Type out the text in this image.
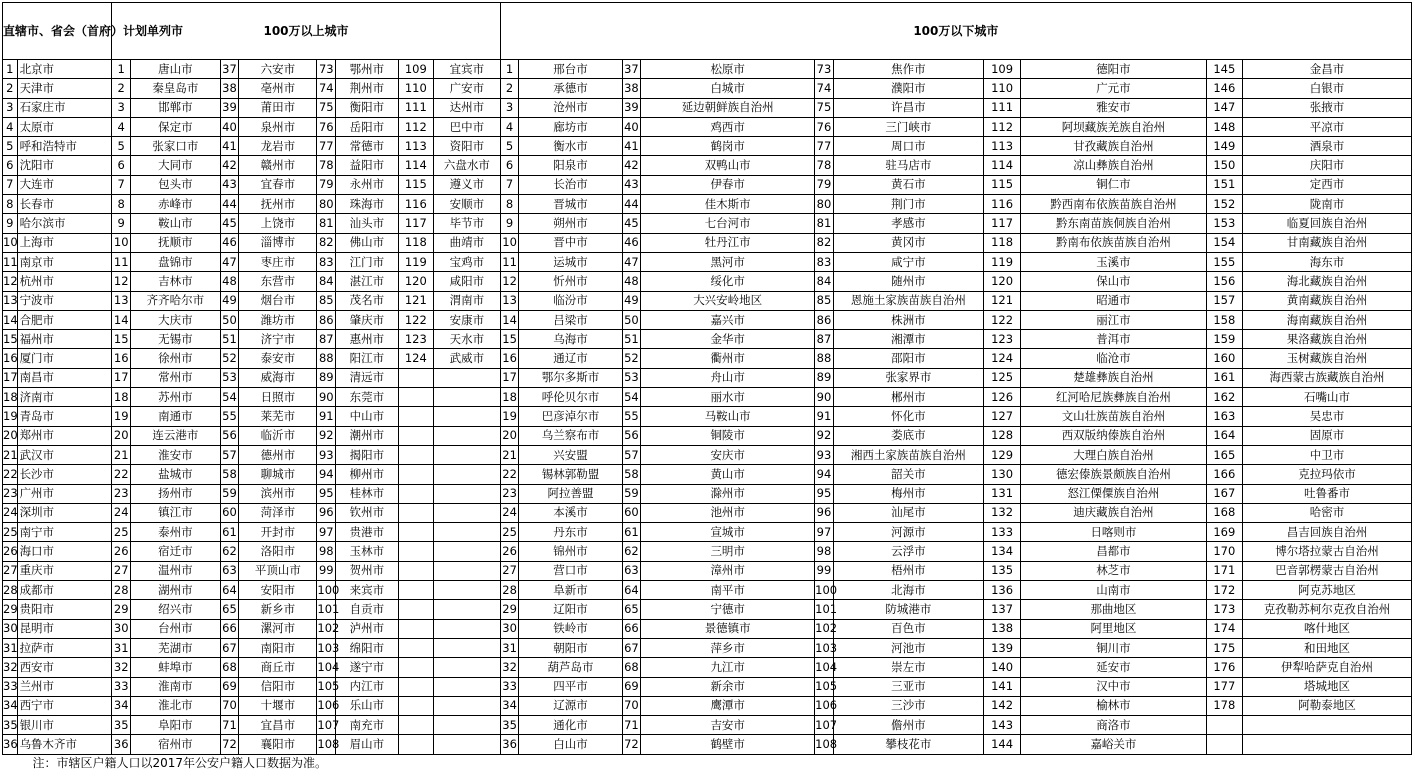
直辖市、省会（首府）计划单列市		100万以上城市								100万以下城市									
1	北京市	1	唐山市	37	六安市	73	鄂州市	109	宜宾市	1	邢台市	37	松原市	73	焦作市	109	德阳市	145	金昌市
2	天津市	2	秦皇岛市	38	亳州市	74	荆州市	110	广安市	2	承德市	38	白城市	74	濮阳市	110	广元市	146	白银市
3	石家庄市	3	邯郸市	39	莆田市	75	衡阳市	111	达州市	3	沧州市	39	延边朝鲜族自治州	75	许昌市	111	雅安市	147	张掖市
4	太原市	4	保定市	40	泉州市	76	岳阳市	112	巴中市	4	廊坊市	40	鸡西市	76	三门峡市	112	阿坝藏族羌族自治州	148	平凉市
5	呼和浩特市	5	张家口市	41	龙岩市	77	常德市	113	资阳市	5	衡水市	41	鹤岗市	77	周口市	113	甘孜藏族自治州	149	酒泉市
6	沈阳市	6	大同市	42	赣州市	78	益阳市	114	六盘水市	6	阳泉市	42	双鸭山市	78	驻马店市	114	凉山彝族自治州	150	庆阳市
7	大连市	7	包头市	43	宜春市	79	永州市	115	遵义市	7	长治市	43	伊春市	79	黄石市	115	铜仁市	151	定西市
8	长春市	8	赤峰市	44	抚州市	80	珠海市	116	安顺市	8	晋城市	44	佳木斯市	80	荆门市	116	黔西南布依族苗族自治州	152	陇南市
9	哈尔滨市	9	鞍山市	45	上饶市	81	汕头市	117	毕节市	9	朔州市	45	七台河市	81	孝感市	117	黔东南苗族侗族自治州	153	临夏回族自治州
10	上海市	10	抚顺市	46	淄博市	82	佛山市	118	曲靖市	10	晋中市	46	牡丹江市	82	黄冈市	118	黔南布依族苗族自治州	154	甘南藏族自治州
11	南京市	11	盘锦市	47	枣庄市	83	江门市	119	宝鸡市	11	运城市	47	黑河市	83	咸宁市	119	玉溪市	155	海东市
12	杭州市	12	吉林市	48	东营市	84	湛江市	120	咸阳市	12	忻州市	48	绥化市	84	随州市	120	保山市	156	海北藏族自治州
13	宁波市	13	齐齐哈尔市	49	烟台市	85	茂名市	121	渭南市	13	临汾市	49	大兴安岭地区	85	恩施土家族苗族自治州	121	昭通市	157	黄南藏族自治州
14	合肥市	14	大庆市	50	潍坊市	86	肇庆市	122	安康市	14	吕梁市	50	嘉兴市	86	株洲市	122	丽江市	158	海南藏族自治州
15	福州市	15	无锡市	51	济宁市	87	惠州市	123	天水市	15	乌海市	51	金华市	87	湘潭市	123	普洱市	159	果洛藏族自治州
16	厦门市	16	徐州市	52	泰安市	88	阳江市	124	武威市	16	通辽市	52	衢州市	88	邵阳市	124	临沧市	160	玉树藏族自治州
17	南昌市	17	常州市	53	威海市	89	清远市			17	鄂尔多斯市	53	舟山市	89	张家界市	125	楚雄彝族自治州	161	海西蒙古族藏族自治州
18	济南市	18	苏州市	54	日照市	90	东莞市			18	呼伦贝尔市	54	丽水市	90	郴州市	126	红河哈尼族彝族自治州	162	石嘴山市
19	青岛市	19	南通市	55	莱芜市	91	中山市			19	巴彦淖尔市	55	马鞍山市	91	怀化市	127	文山壮族苗族自治州	163	吴忠市
20	郑州市	20	连云港市	56	临沂市	92	潮州市			20	乌兰察布市	56	铜陵市	92	娄底市	128	西双版纳傣族自治州	164	固原市
21	武汉市	21	淮安市	57	德州市	93	揭阳市			21	兴安盟	57	安庆市	93	湘西土家族苗族自治州	129	大理白族自治州	165	中卫市
22	长沙市	22	盐城市	58	聊城市	94	柳州市			22	锡林郭勒盟	58	黄山市	94	韶关市	130	德宏傣族景颇族自治州	166	克拉玛依市
23	广州市	23	扬州市	59	滨州市	95	桂林市			23	阿拉善盟	59	滁州市	95	梅州市	131	怒江傈僳族自治州	167	吐鲁番市
24	深圳市	24	镇江市	60	菏泽市	96	钦州市			24	本溪市	60	池州市	96	汕尾市	132	迪庆藏族自治州	168	哈密市
25	南宁市	25	泰州市	61	开封市	97	贵港市			25	丹东市	61	宣城市	97	河源市	133	日喀则市	169	昌吉回族自治州
26	海口市	26	宿迁市	62	洛阳市	98	玉林市			26	锦州市	62	三明市	98	云浮市	134	昌都市	170	博尔塔拉蒙古自治州
27	重庆市	27	温州市	63	平顶山市	99	贺州市			27	营口市	63	漳州市	99	梧州市	135	林芝市	171	巴音郭楞蒙古自治州
28	成都市	28	湖州市	64	安阳市	100	来宾市			28	阜新市	64	南平市	100	北海市	136	山南市	172	阿克苏地区
29	贵阳市	29	绍兴市	65	新乡市	101	自贡市			29	辽阳市	65	宁德市	101	防城港市	137	那曲地区	173	克孜勒苏柯尔克孜自治州
30	昆明市	30	台州市	66	漯河市	102	泸州市			30	铁岭市	66	景德镇市	102	百色市	138	阿里地区	174	喀什地区
31	拉萨市	31	芜湖市	67	南阳市	103	绵阳市			31	朝阳市	67	萍乡市	103	河池市	139	铜川市	175	和田地区
32	西安市	32	蚌埠市	68	商丘市	104	遂宁市			32	葫芦岛市	68	九江市	104	崇左市	140	延安市	176	伊犁哈萨克自治州
33	兰州市	33	淮南市	69	信阳市	105	内江市			33	四平市	69	新余市	105	三亚市	141	汉中市	177	塔城地区
34	西宁市	34	淮北市	70	十堰市	106	乐山市			34	辽源市	70	鹰潭市	106	三沙市	142	榆林市	178	阿勒泰地区
35	银川市	35	阜阳市	71	宜昌市	107	南充市			35	通化市	71	吉安市	107	儋州市	143	商洛市		
36	乌鲁木齐市	36	宿州市	72	襄阳市	108	眉山市			36	白山市	72	鹤壁市	108	攀枝花市	144	嘉峪关市		
注：市辖区户籍人口以2017年公安户籍人口数据为准。																			
